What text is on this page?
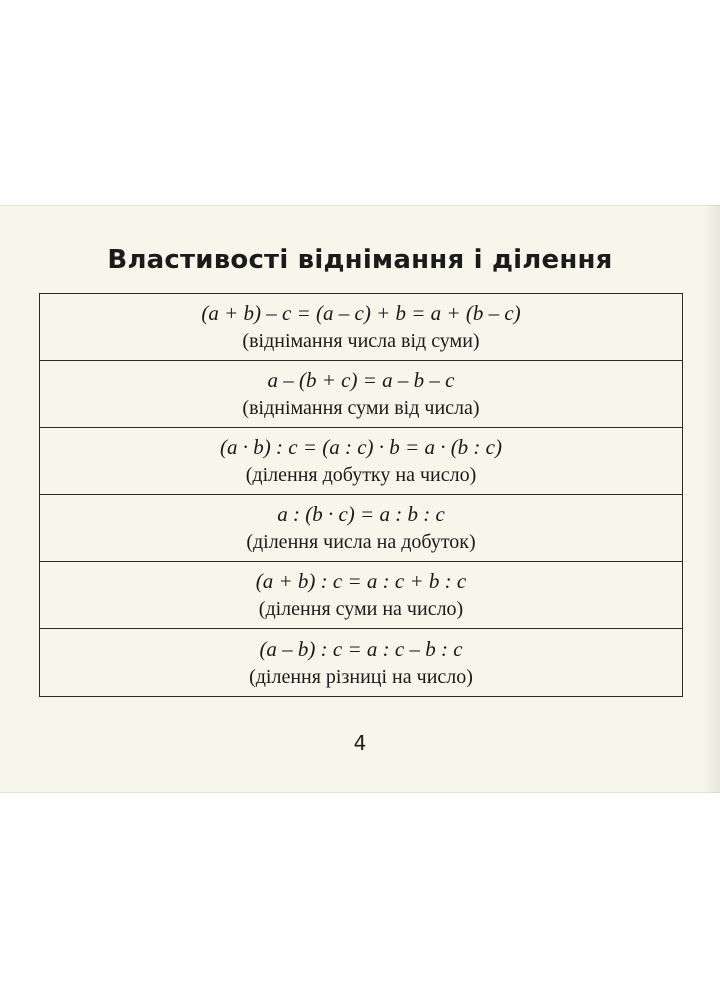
Властивості віднімання і ділення
(a + b) – c = (a – c) + b = a + (b – c)
(віднімання числа від суми)
a – (b + c) = a – b – c
(віднімання суми від числа)
(a · b) : c = (a : c) · b = a · (b : c)
(ділення добутку на число)
a : (b · c) = a : b : c
(ділення числа на добуток)
(a + b) : c = a : c + b : c
(ділення суми на число)
(a – b) : c = a : c – b : c
(ділення різниці на число)
4
